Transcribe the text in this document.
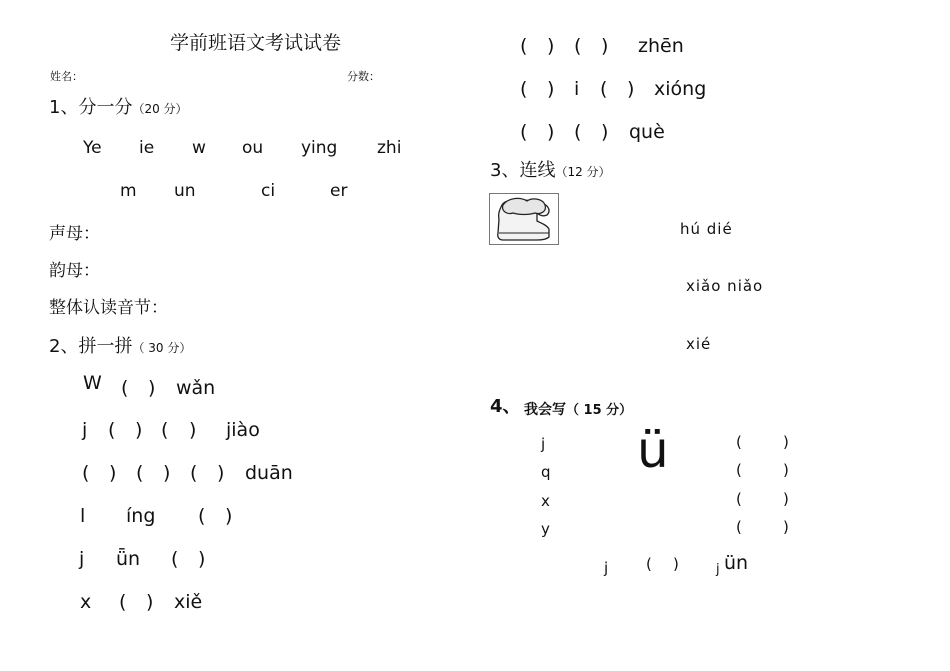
学前班语文考试试卷
姓名：	分数：
1、分一分（20 分）
Ye ie w ou ying zhi
m un	ci	er
声母：
韵母：
整体认读音节：
2、拼一拼（ 30 分）
W ( ) wǎn
j ( ) ( ) jiào
( ) ( ) ( ) duān
l íng ( )
j ǖn ( )
x ( ) xiě
( ) ( ) zhēn
( ) i ( ) xióng
( ) ( ) què
3、连线（12 分）
hú dié
xiǎo niǎo
xié
4、 我会写（ 15 分）
ü
j
q
x
y
(	)
(	)
(	)
(	)
j	( )	j ün
